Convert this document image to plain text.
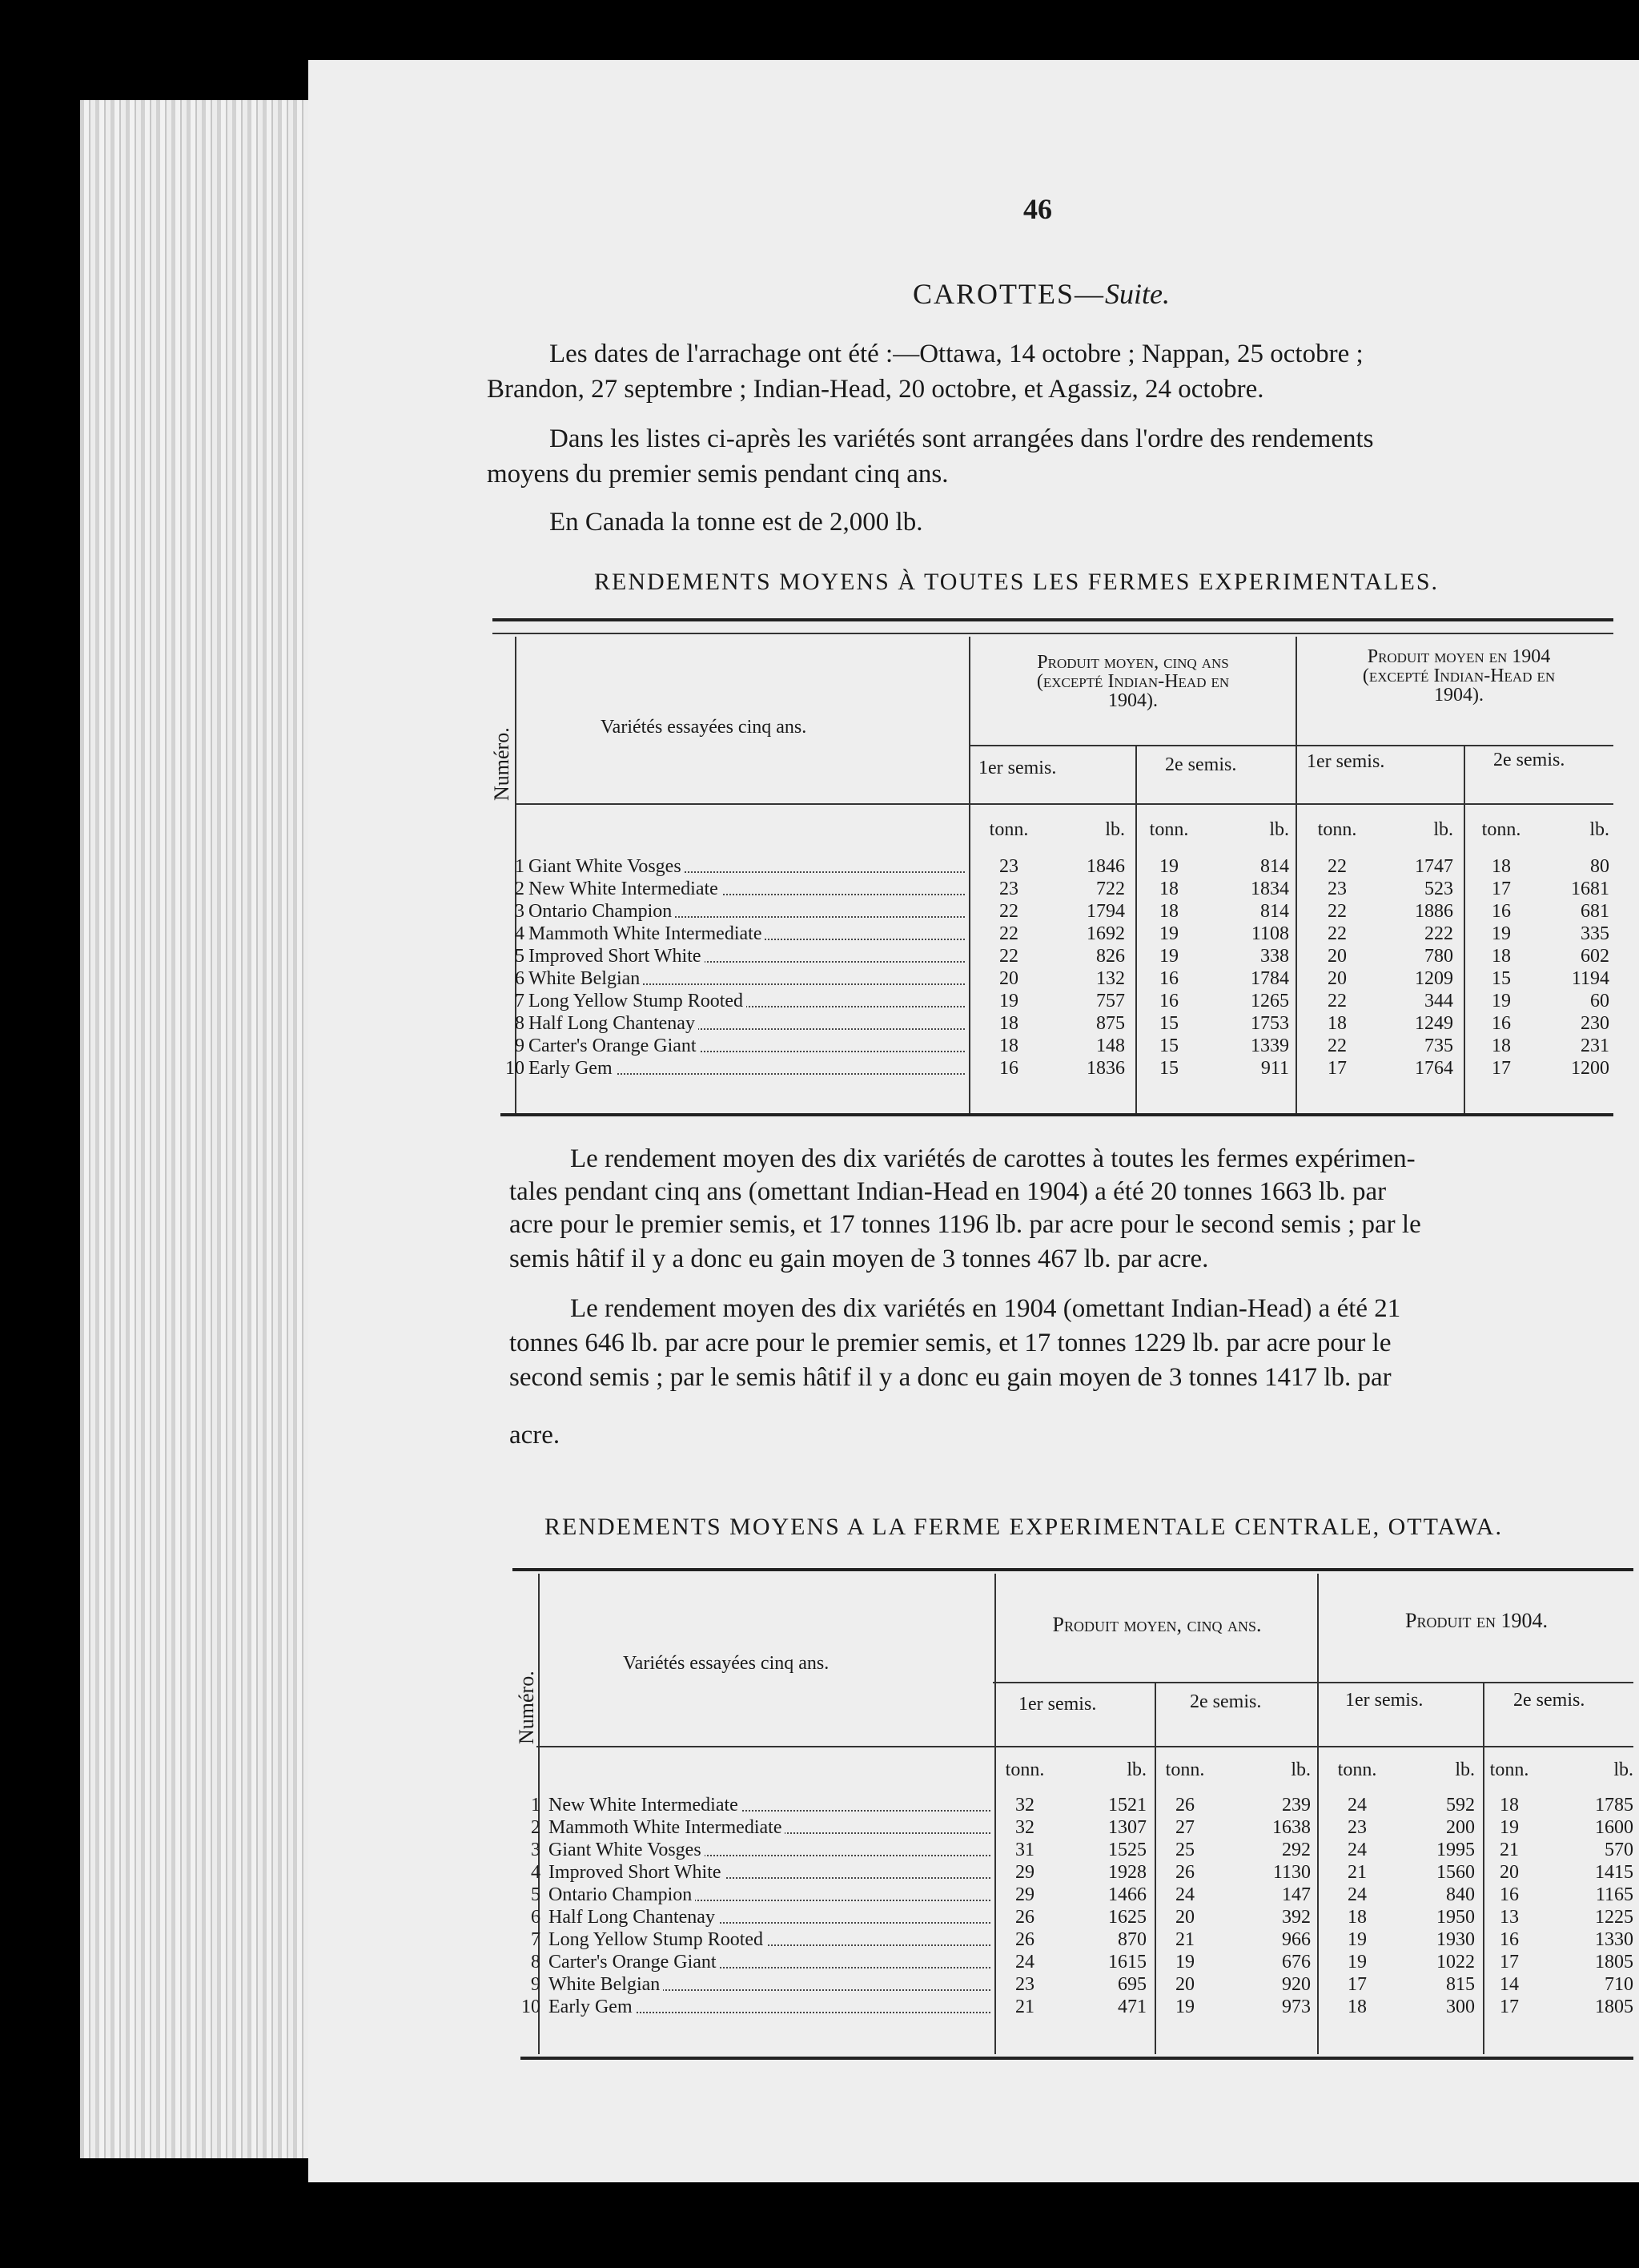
46
CAROTTES—Suite.
Les dates de l'arrachage ont été :—Ottawa, 14 octobre ; Nappan, 25 octobre ;
Brandon, 27 septembre ; Indian-Head, 20 octobre, et Agassiz, 24 octobre.
Dans les listes ci-après les variétés sont arrangées dans l'ordre des rendements
moyens du premier semis pendant cinq ans.
En Canada la tonne est de 2,000 lb.
RENDEMENTS MOYENS À TOUTES LES FERMES EXPERIMENTALES.
Numéro.
Variétés essayées cinq ans.
Produit moyen, cinq ans
(excepté Indian-Head en
1904).
Produit moyen en 1904
(excepté Indian-Head en
1904).
1er semis.	2e semis.	1er semis.	2e semis.
tonn.	lb.	tonn.	lb.	tonn.	lb.	tonn.	lb.
1 Giant White Vosges	23	1846	19	814	22	1747	18	80
2 New White Intermediate	23	722	18	1834	23	523	17	1681
3 Ontario Champion	22	1794	18	814	22	1886	16	681
4 Mammoth White Intermediate	22	1692	19	1108	22	222	19	335
5 Improved Short White	22	826	19	338	20	780	18	602
6 White Belgian	20	132	16	1784	20	1209	15	1194
7 Long Yellow Stump Rooted	19	757	16	1265	22	344	19	60
8 Half Long Chantenay	18	875	15	1753	18	1249	16	230
9 Carter's Orange Giant	18	148	15	1339	22	735	18	231
10 Early Gem	16	1836	15	911	17	1764	17	1200
Le rendement moyen des dix variétés de carottes à toutes les fermes expérimen-
tales pendant cinq ans (omettant Indian-Head en 1904) a été 20 tonnes 1663 lb. par
acre pour le premier semis, et 17 tonnes 1196 lb. par acre pour le second semis ; par le
semis hâtif il y a donc eu gain moyen de 3 tonnes 467 lb. par acre.
Le rendement moyen des dix variétés en 1904 (omettant Indian-Head) a été 21
tonnes 646 lb. par acre pour le premier semis, et 17 tonnes 1229 lb. par acre pour le
second semis ; par le semis hâtif il y a donc eu gain moyen de 3 tonnes 1417 lb. par
acre.
RENDEMENTS MOYENS A LA FERME EXPERIMENTALE CENTRALE, OTTAWA.
Numéro.
Variétés essayées cinq ans.
Produit moyen, cinq ans.	Produit en 1904.
1er semis.	2e semis.	1er semis.	2e semis.
tonn.	lb. tonn.	lb.	tonn.	lb. tonn.	lb.
1 New White Intermediate	32	1521	26	239	24	592	18	1785
2 Mammoth White Intermediate	32	1307	27	1638	23	200	19	1600
3 Giant White Vosges	31	1525	25	292	24	1995	21	570
4 Improved Short White	29	1928	26	1130	21	1560	20	1415
5 Ontario Champion	29	1466	24	147	24	840	16	1165
6 Half Long Chantenay	26	1625	20	392	18	1950	13	1225
7 Long Yellow Stump Rooted	26	870	21	966	19	1930	16	1330
8 Carter's Orange Giant	24	1615	19	676	19	1022	17	1805
9 White Belgian	23	695	20	920	17	815	14	710
10 Early Gem	21	471	19	973	18	300	17	1805
